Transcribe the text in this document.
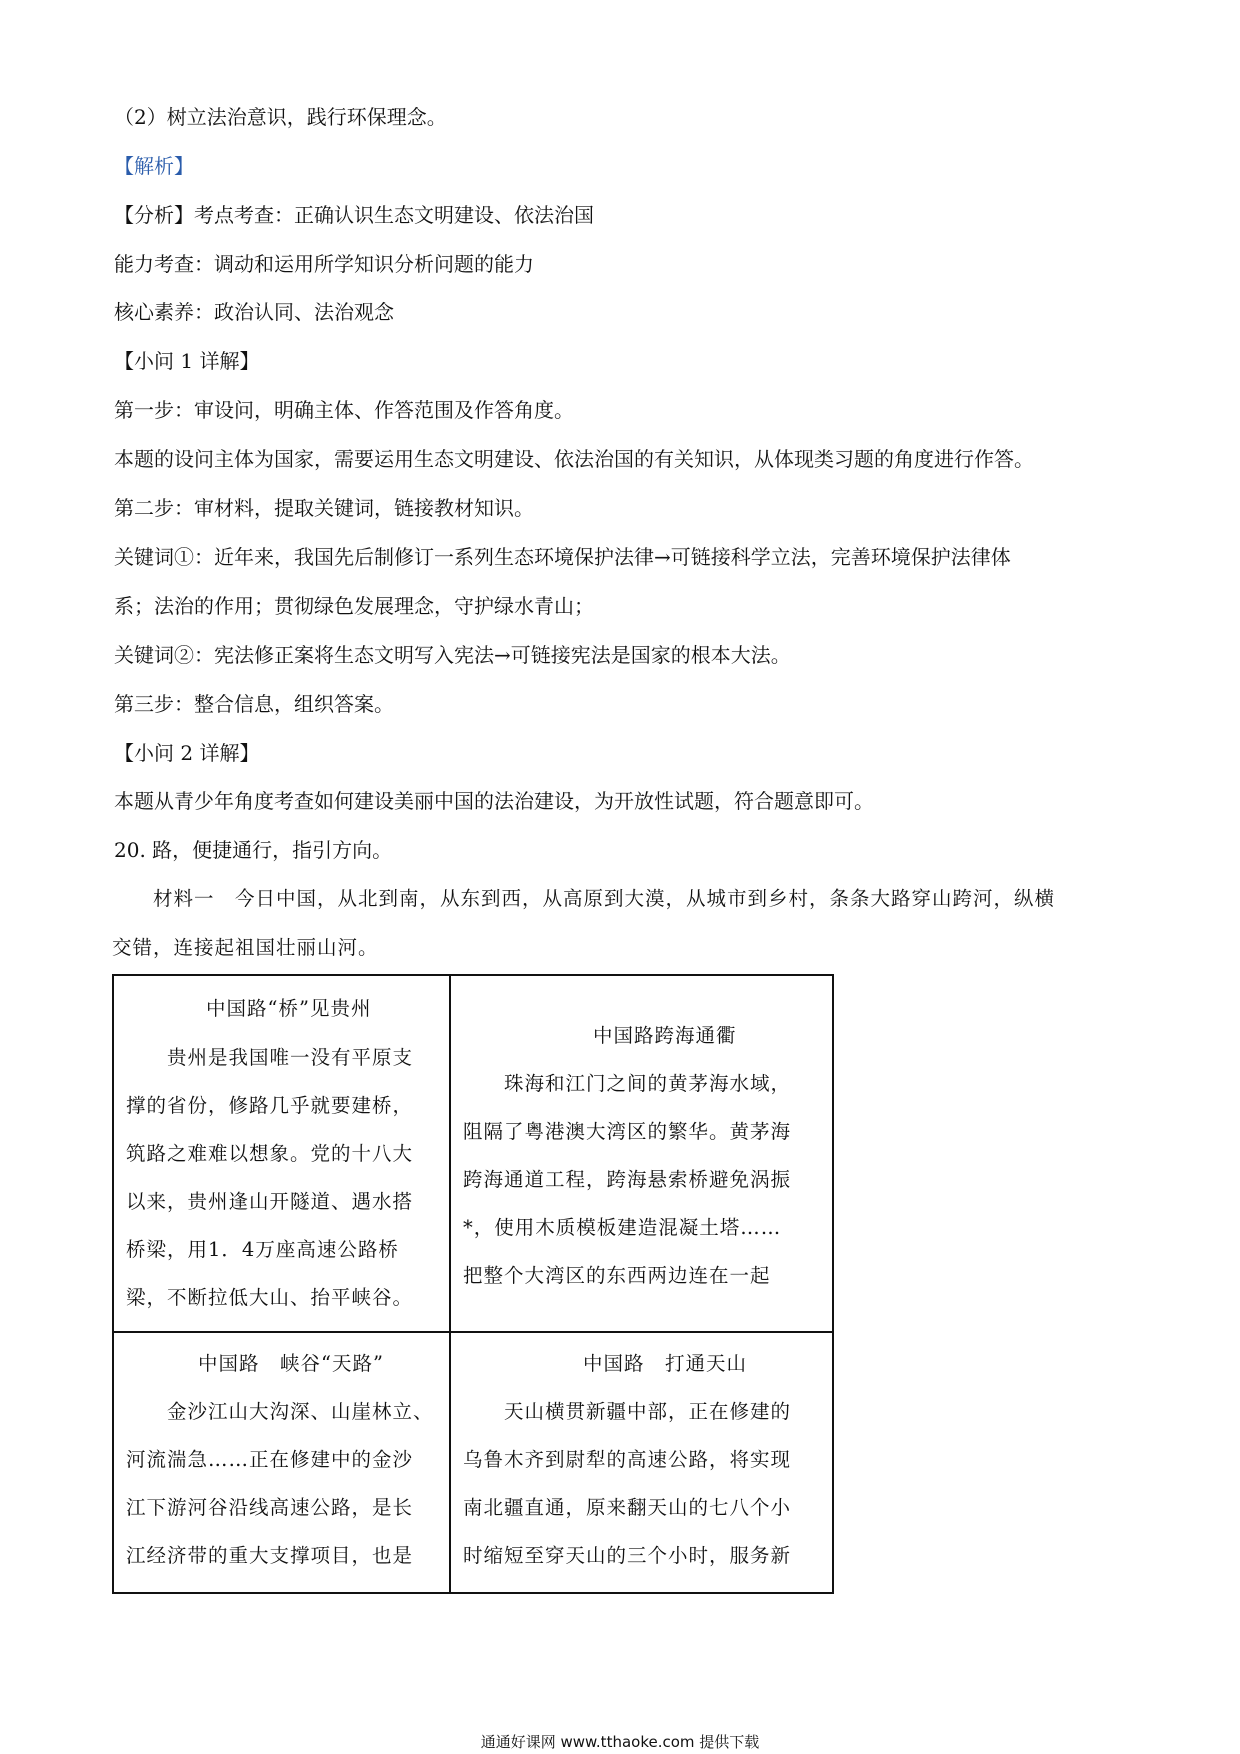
（2）树立法治意识，践行环保理念。
【解析】
【分析】考点考查：正确认识生态文明建设、依法治国
能力考查：调动和运用所学知识分析问题的能力
核心素养：政治认同、法治观念
【小问 1 详解】
第一步：审设问，明确主体、作答范围及作答角度。
本题的设问主体为国家，需要运用生态文明建设、依法治国的有关知识，从体现类习题的角度进行作答。
第二步：审材料，提取关键词，链接教材知识。
关键词①：近年来，我国先后制修订一系列生态环境保护法律→可链接科学立法，完善环境保护法律体
系；法治的作用；贯彻绿色发展理念，守护绿水青山；
关键词②：宪法修正案将生态文明写入宪法→可链接宪法是国家的根本大法。
第三步：整合信息，组织答案。
【小问 2 详解】
本题从青少年角度考查如何建设美丽中国的法治建设，为开放性试题，符合题意即可。
20. 路，便捷通行，指引方向。
　　材料一　今日中国，从北到南，从东到西，从高原到大漠，从城市到乡村，条条大路穿山跨河，纵横
交错，连接起祖国壮丽山河。
中国路“桥”见贵州
　　贵州是我国唯一没有平原支
撑的省份，修路几乎就要建桥，
筑路之难难以想象。党的十八大
以来，贵州逢山开隧道、遇水搭
桥梁，用1．4万座高速公路桥
梁，不断拉低大山、抬平峡谷。
中国路跨海通衢
　　珠海和江门之间的黄茅海水域，
阻隔了粤港澳大湾区的繁华。黄茅海
跨海通道工程，跨海悬索桥避免涡振
*，使用木质模板建造混凝土塔……
把整个大湾区的东西两边连在一起
中国路　峡谷“天路”
　　金沙江山大沟深、山崖林立、
河流湍急……正在修建中的金沙
江下游河谷沿线高速公路，是长
江经济带的重大支撑项目，也是
中国路　打通天山
　　天山横贯新疆中部，正在修建的
乌鲁木齐到尉犁的高速公路，将实现
南北疆直通，原来翻天山的七八个小
时缩短至穿天山的三个小时，服务新
通通好课网 www.tthaoke.com 提供下载
